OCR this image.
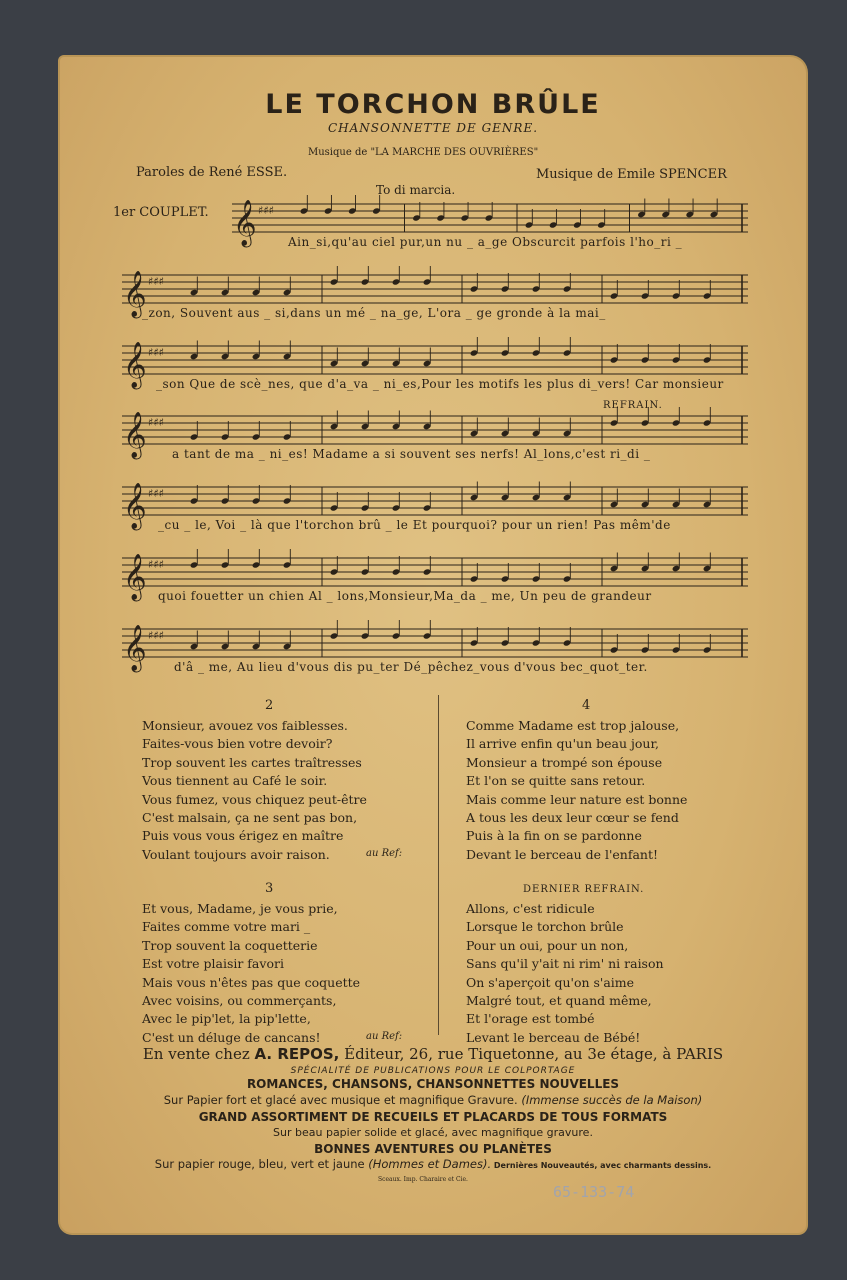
LE TORCHON BRÛLE
CHANSONNETTE DE GENRE.
Musique de "LA MARCHE DES OUVRIÈRES"
Paroles de René ESSE.	Musique de Emile SPENCER
To di marcia.
1er COUPLET.
REFRAIN.
𝄞 ♯♯♯
𝄞 ♯♯♯
𝄞 ♯♯♯
𝄞 ♯♯♯
𝄞 ♯♯♯
𝄞 ♯♯♯
𝄞 ♯♯♯
Ain_si,qu'au ciel pur,un nu _ a_ge Obscurcit parfois l'ho_ri _
_zon, Souvent aus _ si,dans un mé _ na_ge, L'ora _ ge gronde à la mai_
_son Que de scè_nes, que d'a_va _ ni_es,Pour les motifs les plus di_vers! Car monsieur
a tant de ma _ ni_es! Madame a si souvent ses nerfs! Al_lons,c'est ri_di _
_cu _ le, Voi _ là que l'torchon brû _ le Et pourquoi? pour un rien! Pas mêm'de
quoi fouetter un chien Al _ lons,Monsieur,Ma_da _ me, Un peu de grandeur
d'â _ me, Au lieu d'vous dis pu_ter Dé_pêchez_vous d'vous bec_quot_ter.
2
Monsieur, avouez vos faiblesses.
Faites-vous bien votre devoir?
Trop souvent les cartes traîtresses
Vous tiennent au Café le soir.
Vous fumez, vous chiquez peut-être
C'est malsain, ça ne sent pas bon,
Puis vous vous érigez en maître
Voulant toujours avoir raison.	au Ref:
3
Et vous, Madame, je vous prie,
Faites comme votre mari _
Trop souvent la coquetterie
Est votre plaisir favori
Mais vous n'êtes pas que coquette
Avec voisins, ou commerçants,
Avec le pip'let, la pip'lette,
C'est un déluge de cancans!	au Ref:
4
Comme Madame est trop jalouse,
Il arrive enfin qu'un beau jour,
Monsieur a trompé son épouse
Et l'on se quitte sans retour.
Mais comme leur nature est bonne
A tous les deux leur cœur se fend
Puis à la fin on se pardonne
Devant le berceau de l'enfant!
DERNIER REFRAIN.
Allons, c'est ridicule
Lorsque le torchon brûle
Pour un oui, pour un non,
Sans qu'il y'ait ni rim' ni raison
On s'aperçoit qu'on s'aime
Malgré tout, et quand même,
Et l'orage est tombé
Levant le berceau de Bébé!
En vente chez A. REPOS, Éditeur, 26, rue Tiquetonne, au 3e étage, à PARIS
SPÉCIALITÉ DE PUBLICATIONS POUR LE COLPORTAGE
ROMANCES, CHANSONS, CHANSONNETTES NOUVELLES
Sur Papier fort et glacé avec musique et magnifique Gravure. (Immense succès de la Maison)
GRAND ASSORTIMENT DE RECUEILS ET PLACARDS DE TOUS FORMATS
Sur beau papier solide et glacé, avec magnifique gravure.
BONNES AVENTURES OU PLANÈTES
Sur papier rouge, bleu, vert et jaune (Hommes et Dames). Dernières Nouveautés, avec charmants dessins.
Sceaux. Imp. Charaire et Cie.
65-133-74
